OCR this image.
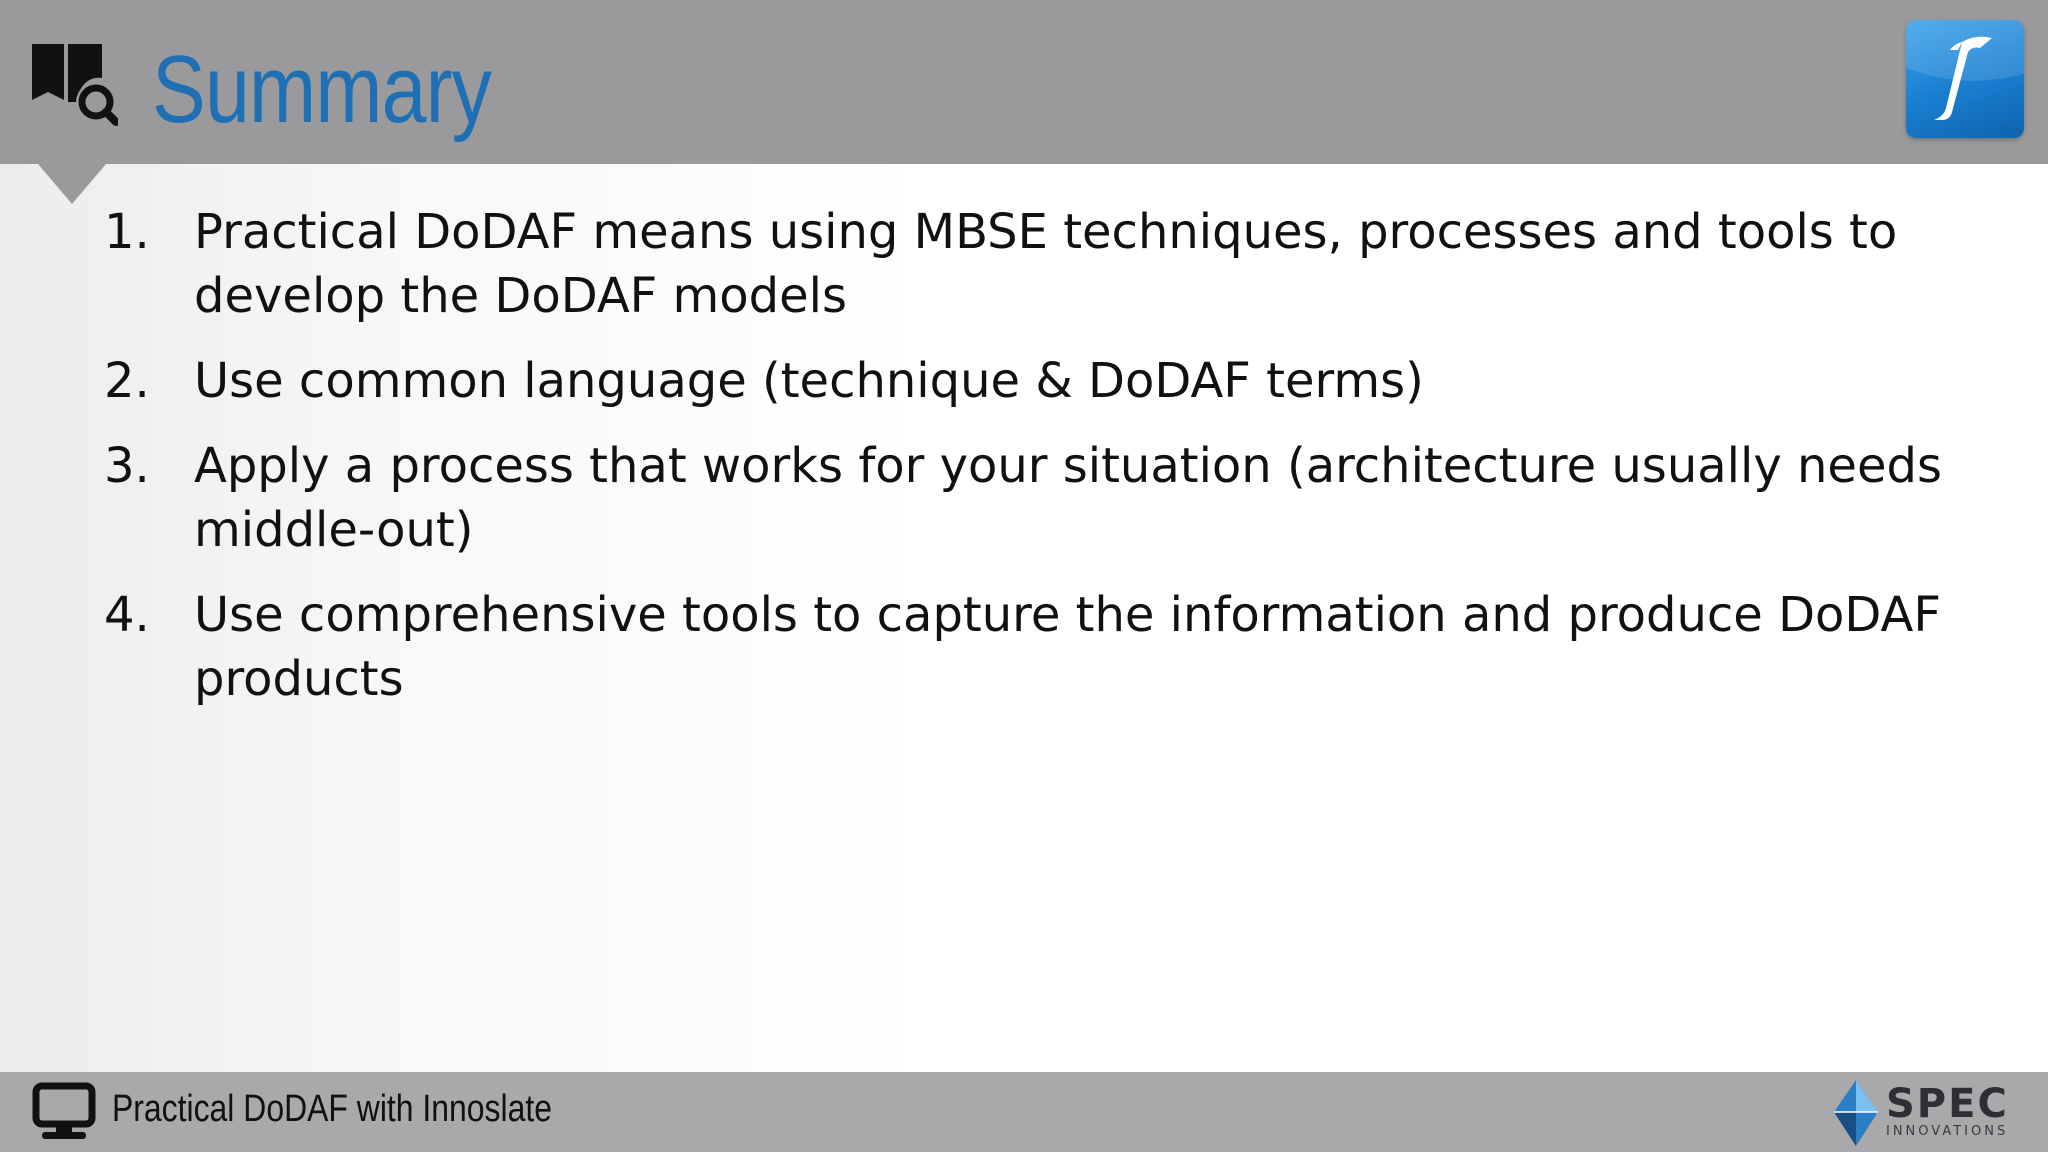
Summary
1. Practical DoDAF means using MBSE techniques, processes and tools to develop the DoDAF models
2. Use common language (technique & DoDAF terms)
3. Apply a process that works for your situation (architecture usually needs middle-out)
4. Use comprehensive tools to capture the information and produce DoDAF products
Practical DoDAF with Innoslate	SPEC
INNOVATIONS
